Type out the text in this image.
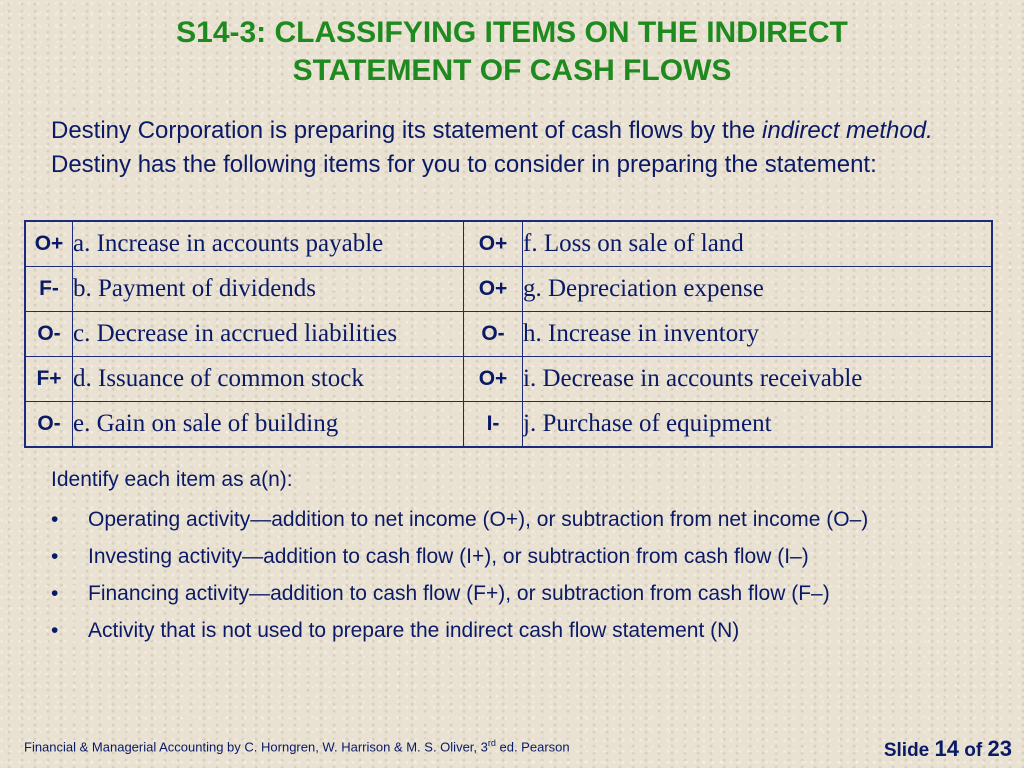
S14-3: CLASSIFYING ITEMS ON THE INDIRECT
STATEMENT OF CASH FLOWS
Destiny Corporation is preparing its statement of cash flows by the indirect method. Destiny has the following items for you to consider in preparing the statement:
O+	a. Increase in accounts payable	O+	f. Loss on sale of land
F-	b. Payment of dividends	O+	g. Depreciation expense
O-	c. Decrease in accrued liabilities	O-	h. Increase in inventory
F+	d. Issuance of common stock	O+	i. Decrease in accounts receivable
O-	e. Gain on sale of building	I-	j. Purchase of equipment
Identify each item as a(n):
• Operating activity—addition to net income (O+), or subtraction from net income (O–)
• Investing activity—addition to cash flow (I+), or subtraction from cash flow (I–)
• Financing activity—addition to cash flow (F+), or subtraction from cash flow (F–)
• Activity that is not used to prepare the indirect cash flow statement (N)
Financial & Managerial Accounting by C. Horngren, W. Harrison & M. S. Oliver, 3rd ed. Pearson	Slide 14 of 23
